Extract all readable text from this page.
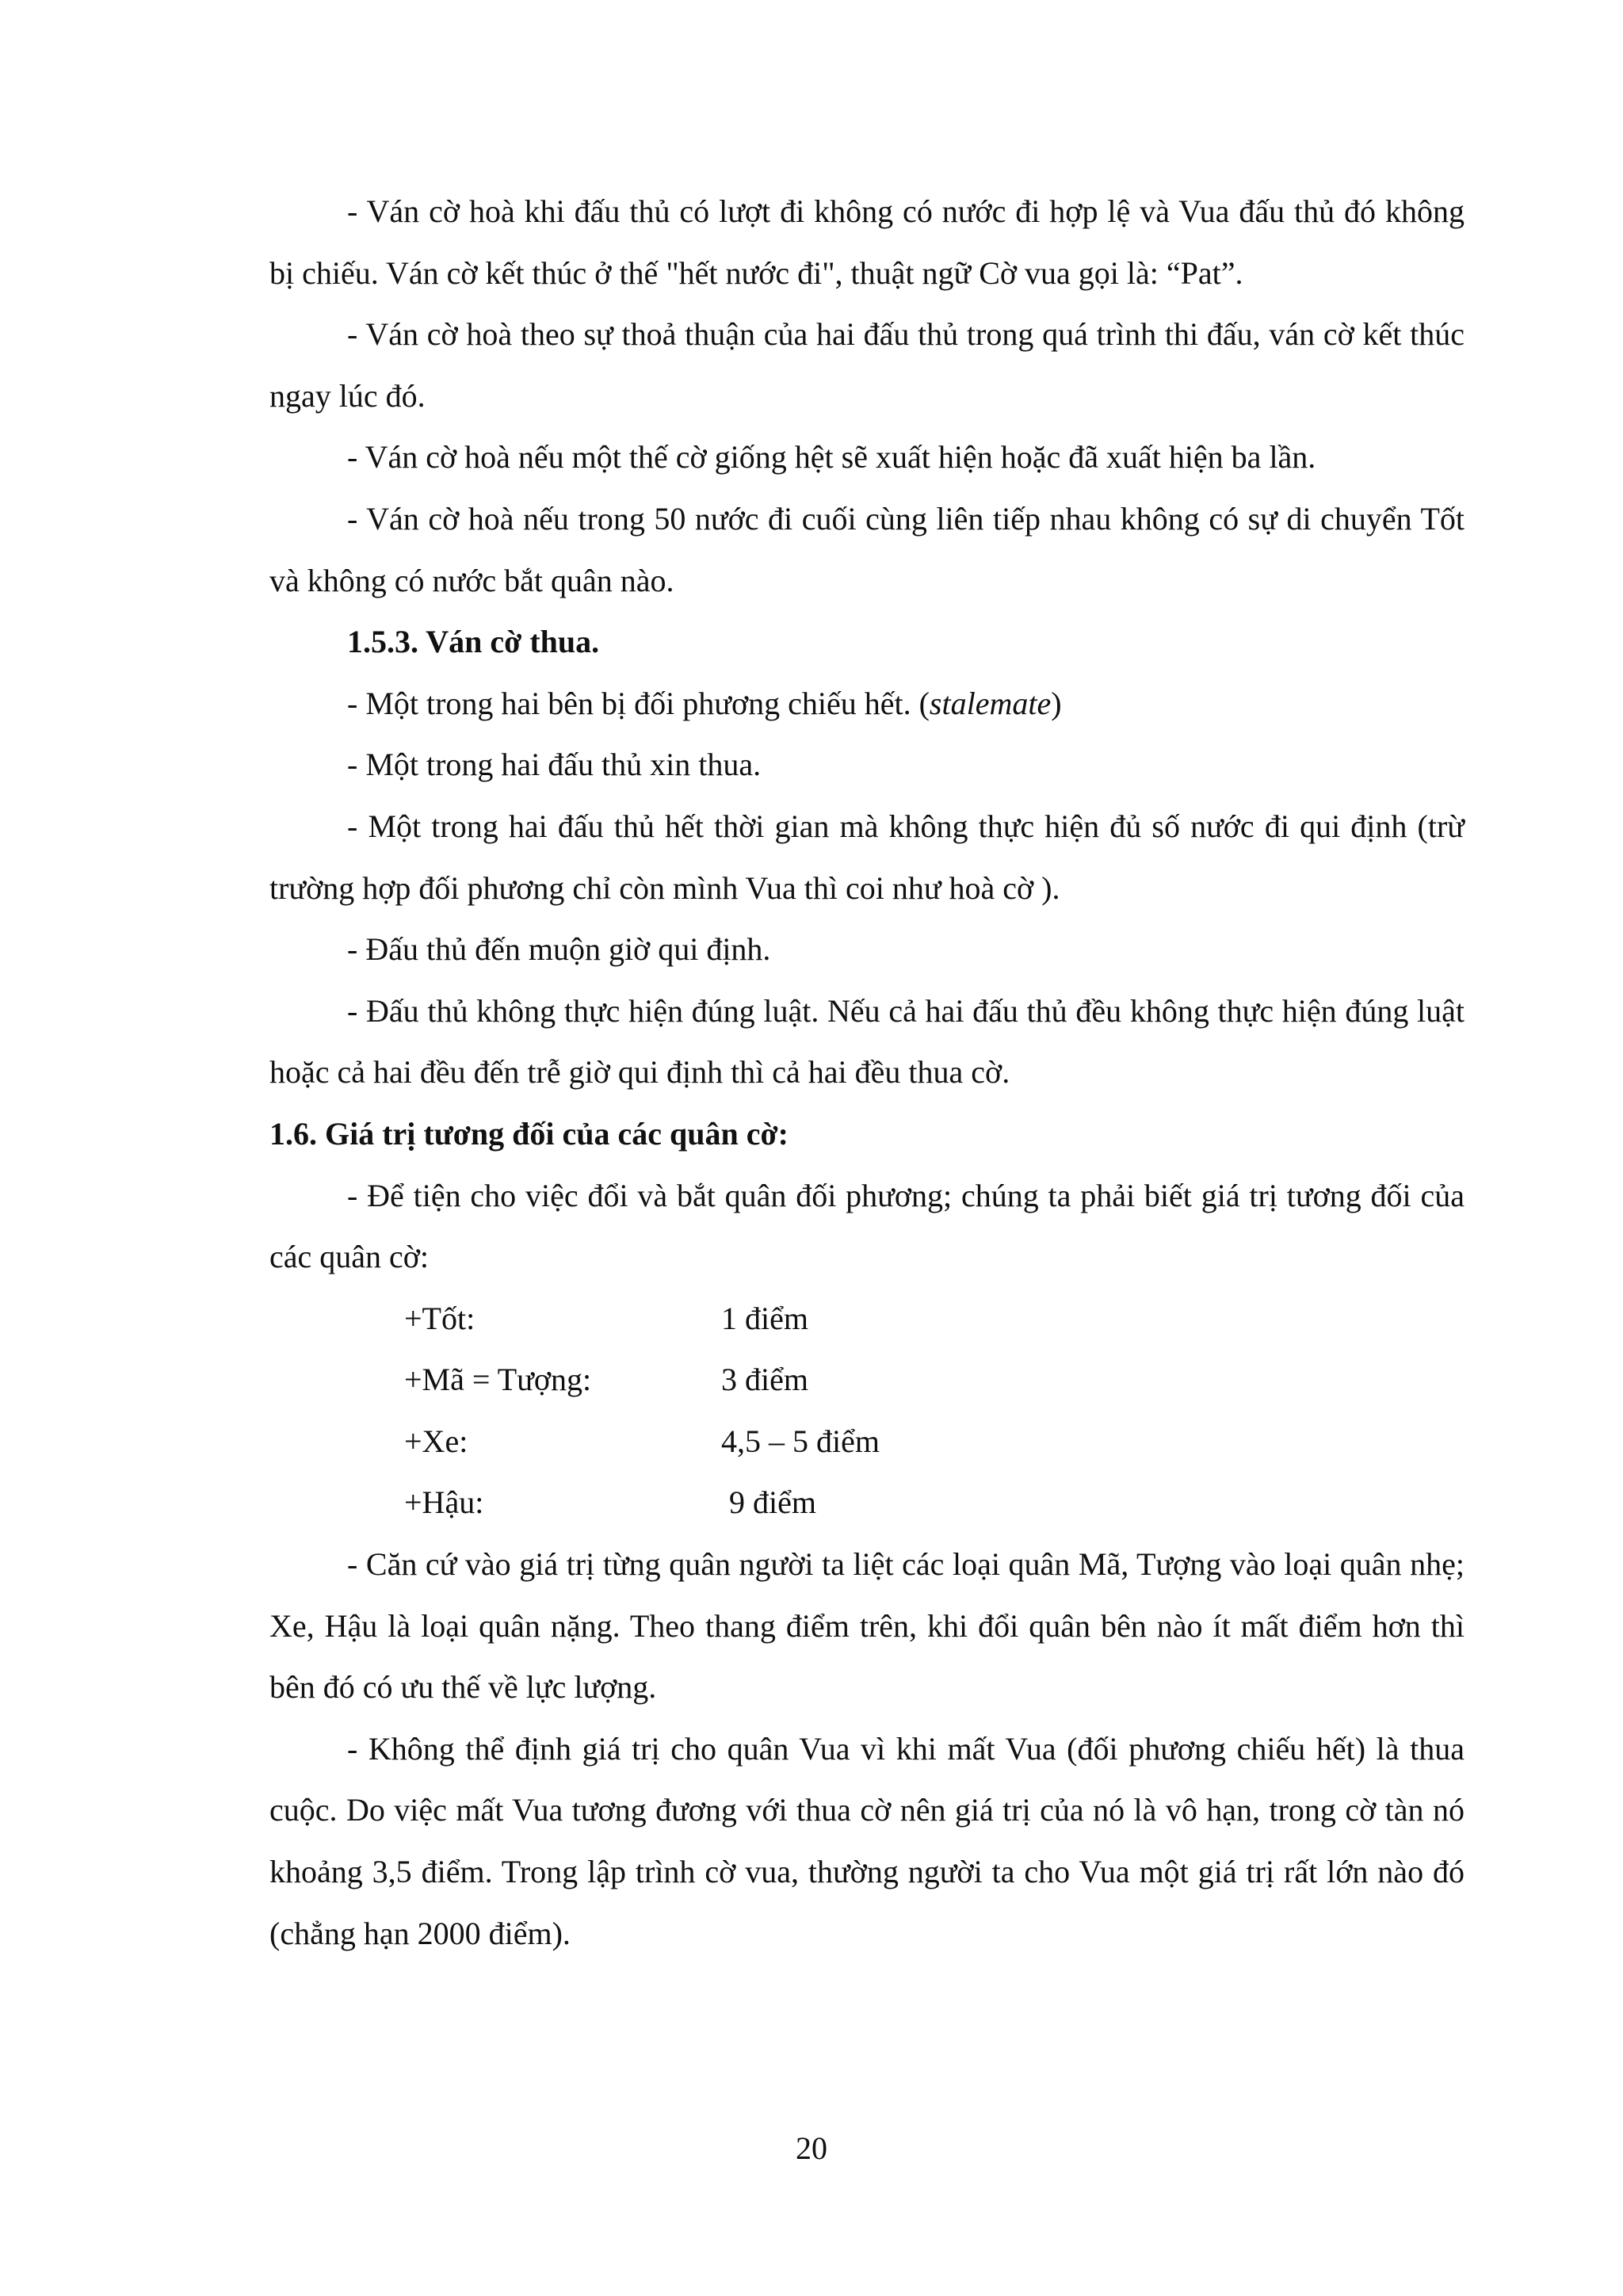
- Ván cờ hoà khi đấu thủ có lượt đi không có nước đi hợp lệ và Vua đấu thủ đó không bị chiếu. Ván cờ kết thúc ở thế "hết nước đi", thuật ngữ Cờ vua gọi là: “Pat”.

- Ván cờ hoà theo sự thoả thuận của hai đấu thủ trong quá trình thi đấu, ván cờ kết thúc ngay lúc đó.

- Ván cờ hoà nếu một thế cờ giống hệt sẽ xuất hiện hoặc đã xuất hiện ba lần.

- Ván cờ hoà nếu trong 50 nước đi cuối cùng liên tiếp nhau không có sự di chuyển Tốt và không có nước bắt quân nào.

1.5.3. Ván cờ thua.

- Một trong hai bên bị đối phương chiếu hết. (stalemate)

- Một trong hai đấu thủ xin thua.

- Một trong hai đấu thủ hết thời gian mà không thực hiện đủ số nước đi qui định (trừ trường hợp đối phương chỉ còn mình Vua thì coi như hoà cờ ).

- Đấu thủ đến muộn giờ qui định.

- Đấu thủ không thực hiện đúng luật. Nếu cả hai đấu thủ đều không thực hiện đúng luật hoặc cả hai đều đến trễ giờ qui định thì cả hai đều thua cờ.

1.6. Giá trị tương đối của các quân cờ:

- Để tiện cho việc đổi và bắt quân đối phương; chúng ta phải biết giá trị tương đối của các quân cờ:

+Tốt:	1 điểm
+Mã = Tượng:	3 điểm
+Xe:	4,5 – 5 điểm
+Hậu:	9 điểm

- Căn cứ vào giá trị từng quân người ta liệt các loại quân Mã, Tượng vào loại quân nhẹ; Xe, Hậu là loại quân nặng. Theo thang điểm trên, khi đổi quân bên nào ít mất điểm hơn thì bên đó có ưu thế về lực lượng.

- Không thể định giá trị cho quân Vua vì khi mất Vua (đối phương chiếu hết) là thua cuộc. Do việc mất Vua tương đương với thua cờ nên giá trị của nó là vô hạn, trong cờ tàn nó khoảng 3,5 điểm. Trong lập trình cờ vua, thường người ta cho Vua một giá trị rất lớn nào đó (chẳng hạn 2000 điểm).

20
